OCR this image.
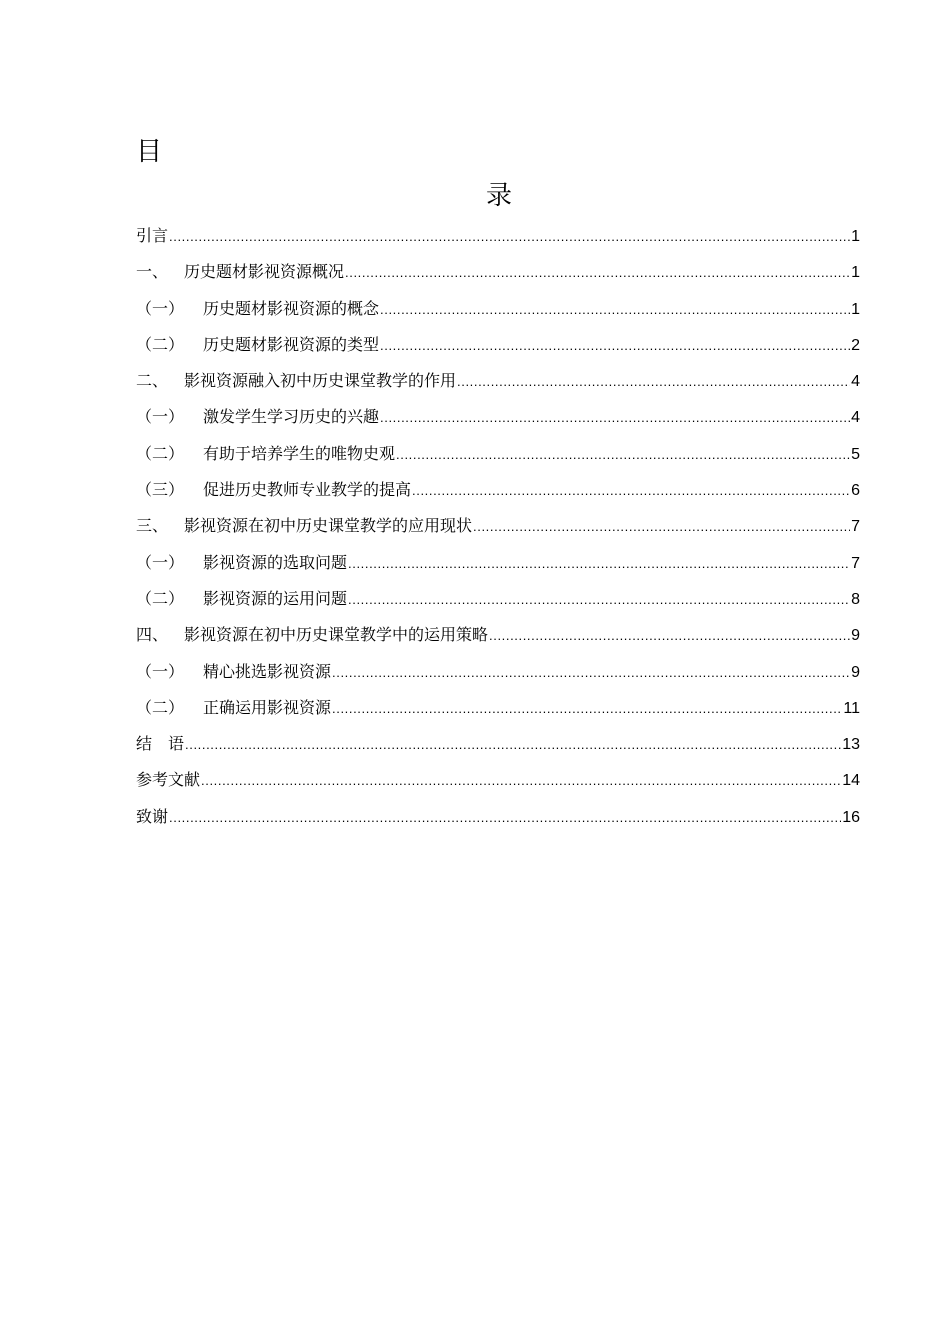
目
录
引言 .....	1
一、 历史题材影视资源概况 .....	1
（一）	历史题材影视资源的概念 .....	1
（二）	历史题材影视资源的类型 .....	2
二、 影视资源融入初中历史课堂教学的作用 .....	4
（一）	激发学生学习历史的兴趣 .....	4
（二）	有助于培养学生的唯物史观 .....	5
（三）	促进历史教师专业教学的提高 .....	6
三、 影视资源在初中历史课堂教学的应用现状 .....	7
（一）	影视资源的选取问题 .....	7
（二）	影视资源的运用问题 .....	8
四、 影视资源在初中历史课堂教学中的运用策略 .....	9
（一）	精心挑选影视资源 .....	9
（二）	正确运用影视资源 .....	11
结　语 .....	13
参考文献 .....	14
致谢 .....	16
